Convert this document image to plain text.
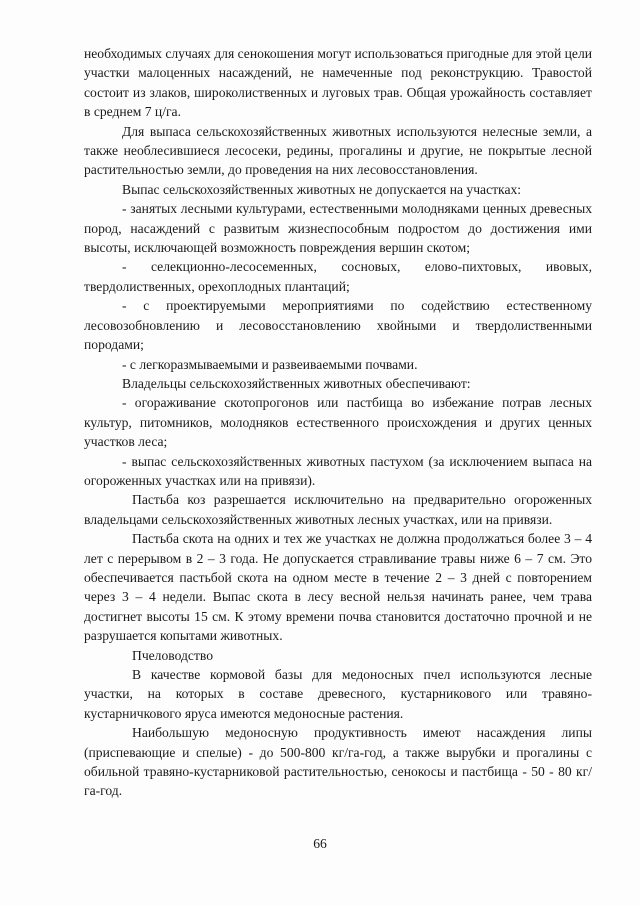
необходимых случаях для сенокошения могут использоваться пригодные для этой цели участки малоценных насаждений, не намеченные под реконструкцию. Травостой состоит из злаков, широколиственных и луговых трав. Общая урожайность составляет в среднем 7 ц/га.

Для выпаса сельскохозяйственных животных используются нелесные земли, а также необлесившиеся лесосеки, редины, прогалины и другие, не покрытые лесной растительностью земли, до проведения на них лесовосстановления.

Выпас сельскохозяйственных животных не допускается на участках:

- занятых лесными культурами, естественными молодняками ценных древесных пород, насаждений с развитым жизнеспособным подростом до достижения ими высоты, исключающей возможность повреждения вершин скотом;

- селекционно-лесосеменных, сосновых, елово-пихтовых, ивовых, твердолиственных, орехоплодных плантаций;

- с проектируемыми мероприятиями по содействию естественному лесовозобновлению и лесовосстановлению хвойными и твердолиственными породами;

- с легкоразмываемыми и развеиваемыми почвами.

Владельцы сельскохозяйственных животных обеспечивают:

- огораживание скотопрогонов или пастбища во избежание потрав лесных культур, питомников, молодняков естественного происхождения и других ценных участков леса;

- выпас сельскохозяйственных животных пастухом (за исключением выпаса на огороженных участках или на привязи).

Пастьба коз разрешается исключительно на предварительно огороженных владельцами сельскохозяйственных животных лесных участках, или на привязи.

Пастьба скота на одних и тех же участках не должна продолжаться более 3 – 4 лет с перерывом в 2 – 3 года. Не допускается стравливание травы ниже 6 – 7 см. Это обеспечивается пастьбой скота на одном месте в течение 2 – 3 дней с повторением через 3 – 4 недели. Выпас скота в лесу весной нельзя начинать ранее, чем трава достигнет высоты 15 см. К этому времени почва становится достаточно прочной и не разрушается копытами животных.

Пчеловодство

В качестве кормовой базы для медоносных пчел используются лесные участки, на которых в составе древесного, кустарникового или травяно-кустарничкового яруса имеются медоносные растения.

Наибольшую медоносную продуктивность имеют насаждения липы (приспевающие и спелые) - до 500-800 кг/га-год, а также вырубки и прогалины с обильной травяно-кустарниковой растительностью, сенокосы и пастбища - 50 - 80 кг/га-год.

66
